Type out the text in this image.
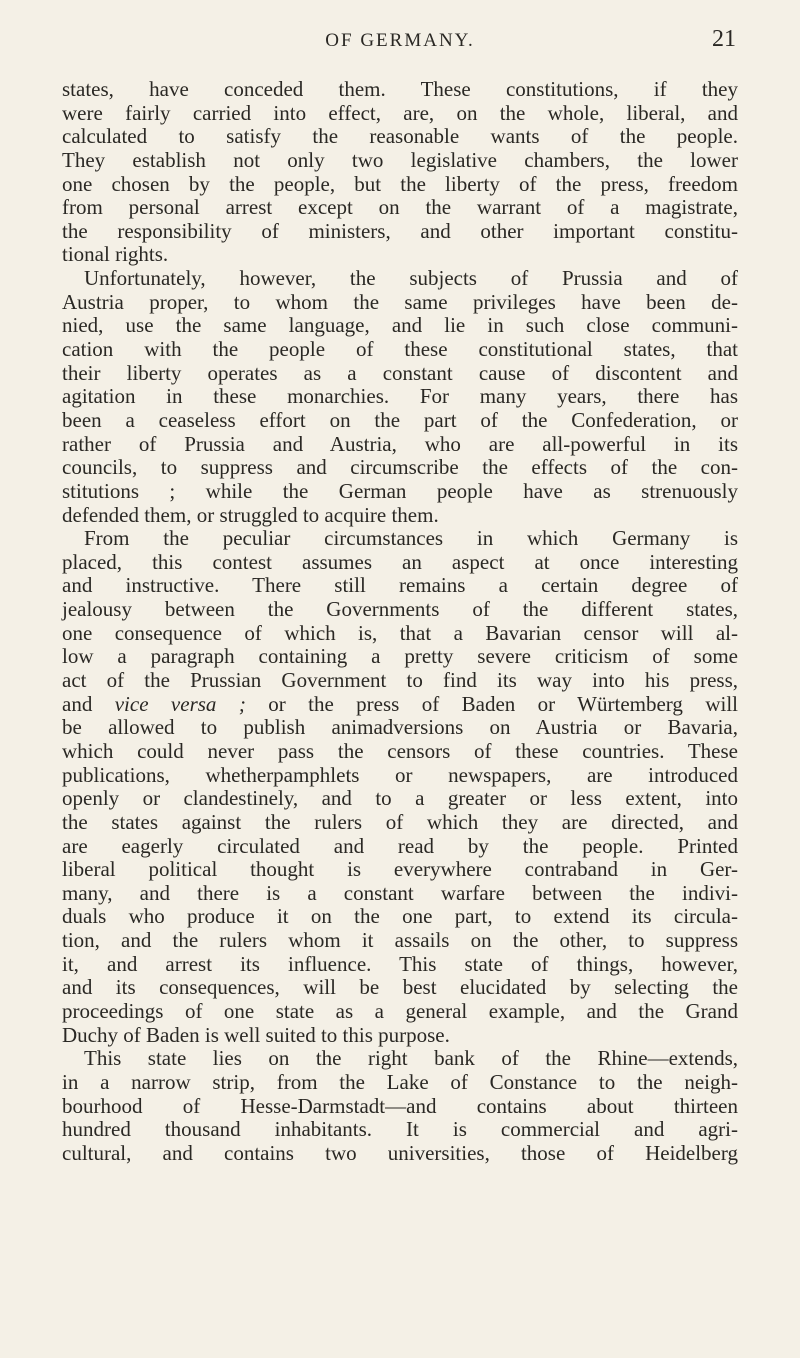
OF GERMANY.	21
states, have conceded them. These constitutions, if they
were fairly carried into effect, are, on the whole, liberal, and
calculated to satisfy the reasonable wants of the people.
They establish not only two legislative chambers, the lower
one chosen by the people, but the liberty of the press, freedom
from personal arrest except on the warrant of a magistrate,
the responsibility of ministers, and other important constitu-
tional rights.
Unfortunately, however, the subjects of Prussia and of
Austria proper, to whom the same privileges have been de-
nied, use the same language, and lie in such close communi-
cation with the people of these constitutional states, that
their liberty operates as a constant cause of discontent and
agitation in these monarchies. For many years, there has
been a ceaseless effort on the part of the Confederation, or
rather of Prussia and Austria, who are all-powerful in its
councils, to suppress and circumscribe the effects of the con-
stitutions ; while the German people have as strenuously
defended them, or struggled to acquire them.
From the peculiar circumstances in which Germany is
placed, this contest assumes an aspect at once interesting
and instructive. There still remains a certain degree of
jealousy between the Governments of the different states,
one consequence of which is, that a Bavarian censor will al-
low a paragraph containing a pretty severe criticism of some
act of the Prussian Government to find its way into his press,
and vice versa ; or the press of Baden or Würtemberg will
be allowed to publish animadversions on Austria or Bavaria,
which could never pass the censors of these countries. These
publications, whetherpamphlets or newspapers, are introduced
openly or clandestinely, and to a greater or less extent, into
the states against the rulers of which they are directed, and
are eagerly circulated and read by the people. Printed
liberal political thought is everywhere contraband in Ger-
many, and there is a constant warfare between the indivi-
duals who produce it on the one part, to extend its circula-
tion, and the rulers whom it assails on the other, to suppress
it, and arrest its influence. This state of things, however,
and its consequences, will be best elucidated by selecting the
proceedings of one state as a general example, and the Grand
Duchy of Baden is well suited to this purpose.
This state lies on the right bank of the Rhine—extends,
in a narrow strip, from the Lake of Constance to the neigh-
bourhood of Hesse-Darmstadt—and contains about thirteen
hundred thousand inhabitants. It is commercial and agri-
cultural, and contains two universities, those of Heidelberg
